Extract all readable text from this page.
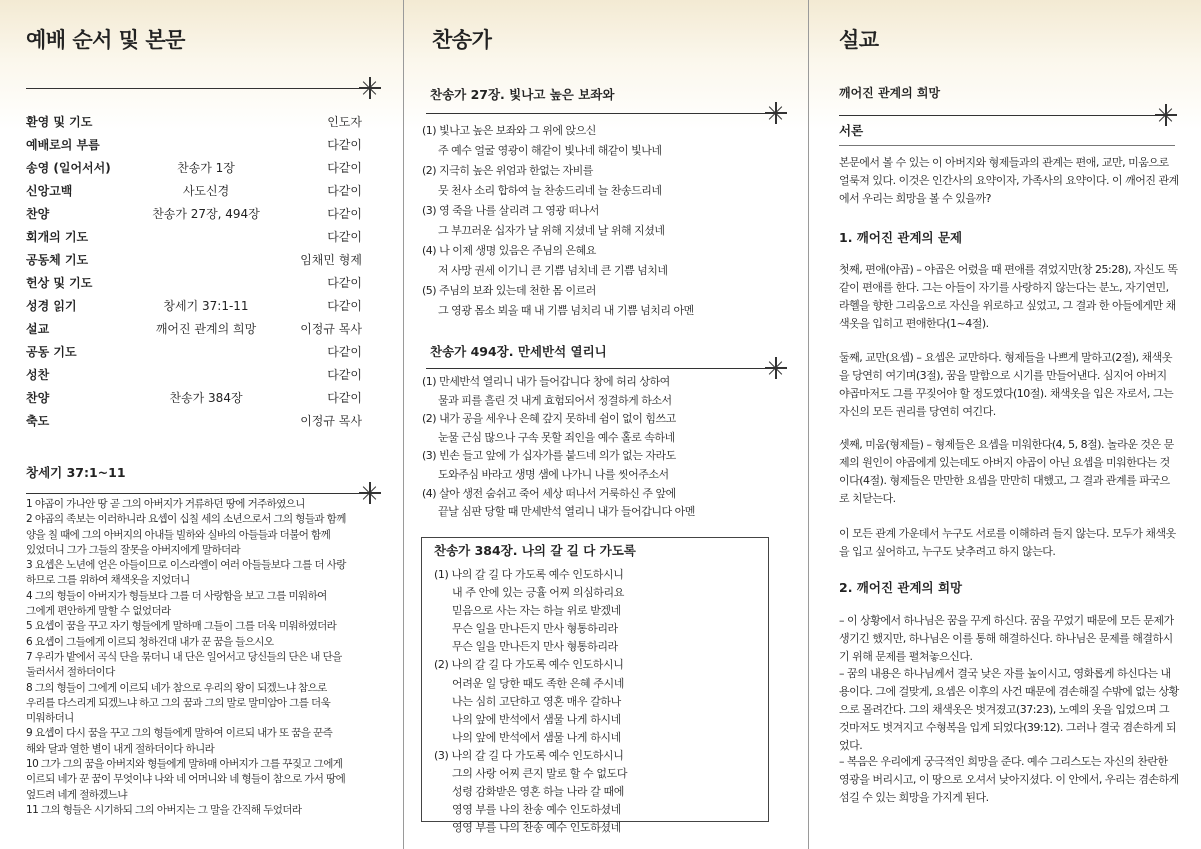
예배 순서 및 본문
환영 및 기도	인도자
예배로의 부름	다같이
송영 (일어서서)	찬송가 1장	다같이
신앙고백	사도신경	다같이
찬양	찬송가 27장, 494장	다같이
회개의 기도	다같이
공동체 기도	임채민 형제
헌상 및 기도	다같이
성경 읽기	창세기 37:1-11	다같이
설교	깨어진 관계의 희망	이정규 목사
공동 기도	다같이
성찬	다같이
찬양	찬송가 384장	다같이
축도	이정규 목사
창세기 37:1~11

1 야곱이 가나안 땅 곧 그의 아버지가 거류하던 땅에 거주하였으니

2 야곱의 족보는 이러하니라 요셉이 십칠 세의 소년으로서 그의 형들과 함께

양을 칠 때에 그의 아버지의 아내들 빌하와 실바의 아들들과 더불어 함께

있었더니 그가 그들의 잘못을 아버지에게 말하더라

3 요셉은 노년에 얻은 아들이므로 이스라엘이 여러 아들들보다 그를 더 사랑

하므로 그를 위하여 채색옷을 지었더니

4 그의 형들이 아버지가 형들보다 그를 더 사랑함을 보고 그를 미워하여

그에게 편안하게 말할 수 없었더라

5 요셉이 꿈을 꾸고 자기 형들에게 말하매 그들이 그를 더욱 미워하였더라

6 요셉이 그들에게 이르되 청하건대 내가 꾼 꿈을 들으시오

7 우리가 밭에서 곡식 단을 묶더니 내 단은 일어서고 당신들의 단은 내 단을

둘러서서 절하더이다

8 그의 형들이 그에게 이르되 네가 참으로 우리의 왕이 되겠느냐 참으로

우리를 다스리게 되겠느냐 하고 그의 꿈과 그의 말로 말미암아 그를 더욱

미워하더니

9 요셉이 다시 꿈을 꾸고 그의 형들에게 말하여 이르되 내가 또 꿈을 꾼즉

해와 달과 열한 별이 내게 절하더이다 하니라

10 그가 그의 꿈을 아버지와 형들에게 말하매 아버지가 그를 꾸짖고 그에게

이르되 네가 꾼 꿈이 무엇이냐 나와 네 어머니와 네 형들이 참으로 가서 땅에

엎드려 네게 절하겠느냐

11 그의 형들은 시기하되 그의 아버지는 그 말을 간직해 두었더라

찬송가
찬송가 27장. 빛나고 높은 보좌와

(1) 빛나고 높은 보좌와 그 위에 앉으신

주 예수 얼굴 영광이 해같이 빛나네 해같이 빛나네

(2) 지극히 높은 위엄과 한없는 자비를

뭇 천사 소리 합하여 늘 찬송드리네 늘 찬송드리네

(3) 영 죽을 나를 살리려 그 영광 떠나서

그 부끄러운 십자가 날 위해 지셨네 날 위해 지셨네

(4) 나 이제 생명 있음은 주님의 은혜요

저 사망 권세 이기니 큰 기쁨 넘치네 큰 기쁨 넘치네

(5) 주님의 보좌 있는데 천한 몸 이르러

그 영광 몸소 뵈올 때 내 기쁨 넘치리 내 기쁨 넘치리 아멘

찬송가 494장. 만세반석 열리니

(1) 만세반석 열리니 내가 들어갑니다 창에 허리 상하여

물과 피를 흘린 것 내게 효험되어서 정결하게 하소서

(2) 내가 공을 세우나 은혜 갚지 못하네 쉼이 없이 힘쓰고

눈물 근심 많으나 구속 못할 죄인을 예수 홀로 속하네

(3) 빈손 들고 앞에 가 십자가를 붙드네 의가 없는 자라도

도와주심 바라고 생명 샘에 나가니 나를 씻어주소서

(4) 살아 생전 숨쉬고 죽어 세상 떠나서 거룩하신 주 앞에

끝날 심판 당할 때 만세반석 열리니 내가 들어갑니다 아멘

설교
찬송가 384장. 나의 갈 길 다 가도록

(1) 나의 갈 길 다 가도록 예수 인도하시니

내 주 안에 있는 긍휼 어찌 의심하리요

믿음으로 사는 자는 하늘 위로 받겠네

무슨 일을 만나든지 만사 형통하리라

무슨 일을 만나든지 만사 형통하리라

(2) 나의 갈 길 다 가도록 예수 인도하시니

어려운 일 당한 때도 족한 은혜 주시네

나는 심히 고단하고 영혼 매우 갈하나

나의 앞에 반석에서 샘물 나게 하시네

나의 앞에 반석에서 샘물 나게 하시네

(3) 나의 갈 길 다 가도록 예수 인도하시니

그의 사랑 어찌 큰지 말로 할 수 없도다

성령 감화받은 영혼 하늘 나라 갈 때에

영영 부를 나의 찬송 예수 인도하셨네

영영 부를 나의 찬송 예수 인도하셨네

깨어진 관계의 희망
서론

본문에서 볼 수 있는 이 아버지와 형제들과의 관계는 편애, 교만, 미움으로 얼룩져 있다. 이것은 인간사의 요약이자, 가족사의 요약이다. 이 깨어진 관계에서 우리는 희망을 볼 수 있을까?

1. 깨어진 관계의 문제

첫째, 편애(야곱) – 야곱은 어렸을 때 편애를 겪었지만(창 25:28), 자신도 똑같이 편애를 한다. 그는 아들이 자기를 사랑하지 않는다는 분노, 자기연민, 라헬을 향한 그리움으로 자신을 위로하고 싶었고, 그 결과 한 아들에게만 채색옷을 입히고 편애한다(1~4절).

둘째, 교만(요셉) – 요셉은 교만하다. 형제들을 나쁘게 말하고(2절), 채색옷을 당연히 여기며(3절), 꿈을 말함으로 시기를 만들어낸다. 심지어 아버지 야곱마저도 그를 꾸짖어야 할 정도였다(10절). 채색옷을 입은 자로서, 그는 자신의 모든 권리를 당연히 여긴다.

셋째, 미움(형제들) – 형제들은 요셉을 미워한다(4, 5, 8절). 놀라운 것은 문제의 원인이 야곱에게 있는데도 아버지 야곱이 아닌 요셉을 미워한다는 것이다(4절). 형제들은 만만한 요셉을 만만히 대했고, 그 결과 관계를 파국으로 치닫는다.

이 모든 관계 가운데서 누구도 서로를 이해하려 들지 않는다. 모두가 채색옷을 입고 싶어하고, 누구도 낮추려고 하지 않는다.

2. 깨어진 관계의 희망

– 이 상황에서 하나님은 꿈을 꾸게 하신다. 꿈을 꾸었기 때문에 모든 문제가 생기긴 했지만, 하나님은 이를 통해 해결하신다. 하나님은 문제를 해결하시기 위해 문제를 펼쳐놓으신다.

– 꿈의 내용은 하나님께서 결국 낮은 자를 높이시고, 영화롭게 하신다는 내용이다. 그에 걸맞게, 요셉은 이후의 사건 때문에 겸손해질 수밖에 없는 상황으로 몰려간다. 그의 채색옷은 벗겨졌고(37:23), 노예의 옷을 입었으며 그것마저도 벗겨지고 수형복을 입게 되었다(39:12). 그러나 결국 겸손하게 되었다.

– 복음은 우리에게 궁극적인 희망을 준다. 예수 그리스도는 자신의 찬란한 영광을 버리시고, 이 땅으로 오셔서 낮아지셨다. 이 안에서, 우리는 겸손하게 섬길 수 있는 희망을 가지게 된다.
